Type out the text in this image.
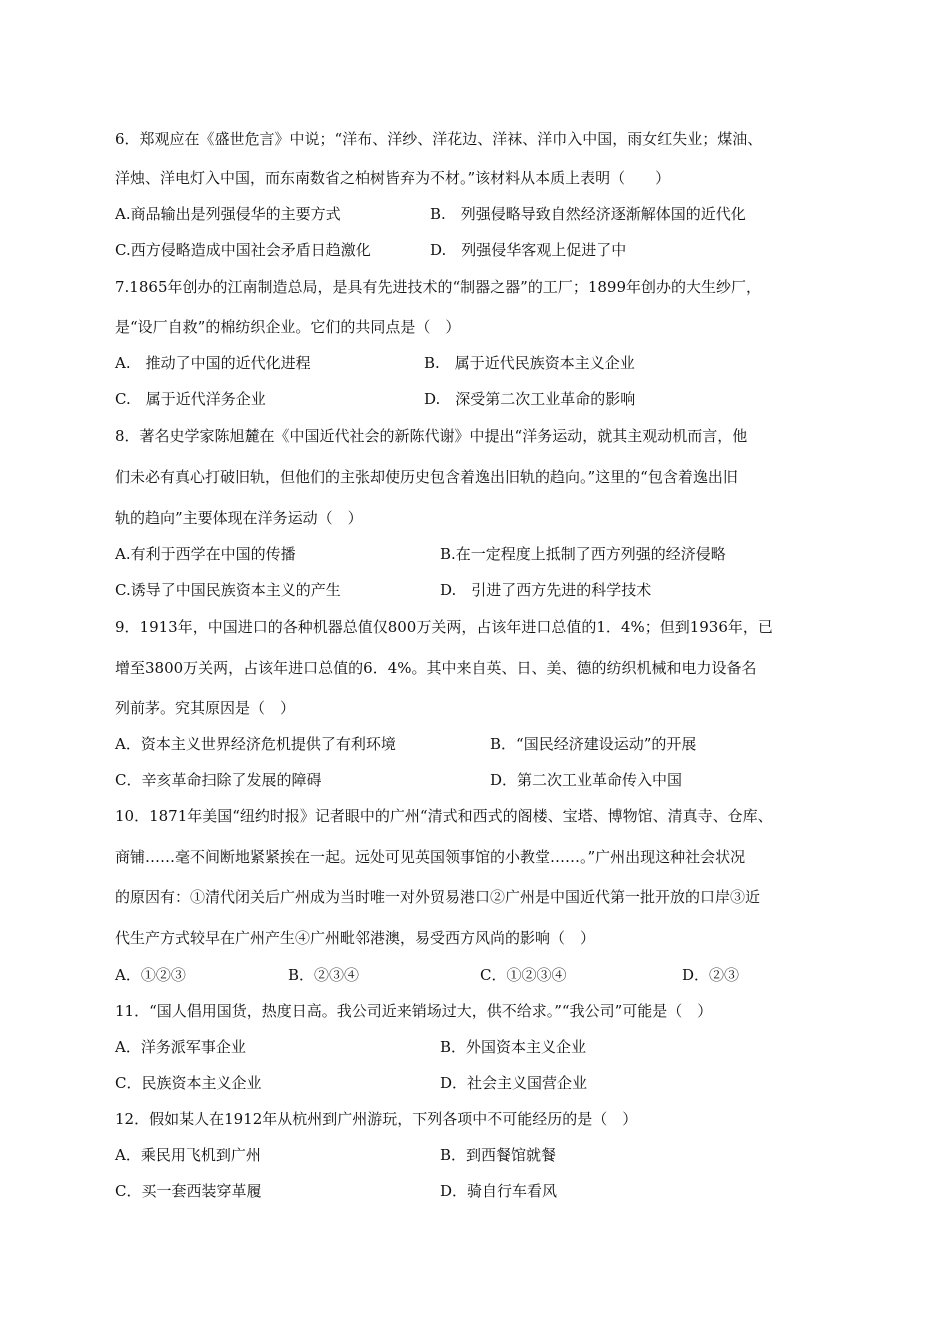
6．郑观应在《盛世危言》中说；“洋布、洋纱、洋花边、洋袜、洋巾入中国，雨女红失业；煤油、
洋烛、洋电灯入中国，而东南数省之柏树皆弃为不材。”该材料从本质上表明（　　）
A.商品输出是列强侵华的主要方式	B.　列强侵略导致自然经济逐渐解体国的近代化
C.西方侵略造成中国社会矛盾日趋激化	D.　列强侵华客观上促进了中
7.1865年创办的江南制造总局，是具有先进技术的“制器之器”的工厂；1899年创办的大生纱厂，
是“设厂自救”的棉纺织企业。它们的共同点是（　）
A.　推动了中国的近代化进程	B.　属于近代民族资本主义企业
C.　属于近代洋务企业	D.　深受第二次工业革命的影响
8．著名史学家陈旭麓在《中国近代社会的新陈代谢》中提出“洋务运动，就其主观动机而言，他
们未必有真心打破旧轨，但他们的主张却使历史包含着逸出旧轨的趋向。”这里的“包含着逸出旧
轨的趋向”主要体现在洋务运动（　）
A.有利于西学在中国的传播	B.在一定程度上抵制了西方列强的经济侵略
C.诱导了中国民族资本主义的产生	D.　引进了西方先进的科学技术
9．1913年，中国进口的各种机器总值仅800万关两，占该年进口总值的1．4%；但到1936年，已
增至3800万关两，占该年进口总值的6．4%。其中来自英、日、美、德的纺织机械和电力设备名
列前茅。究其原因是（　）
A．资本主义世界经济危机提供了有利环境	B．“国民经济建设运动”的开展
C．辛亥革命扫除了发展的障碍	D．第二次工业革命传入中国
10．1871年美国“纽约时报》记者眼中的广州“清式和西式的阁楼、宝塔、博物馆、清真寺、仓库、
商铺……毫不间断地紧紧挨在一起。远处可见英国领事馆的小教堂……。”广州出现这种社会状况
的原因有：①清代闭关后广州成为当时唯一对外贸易港口②广州是中国近代第一批开放的口岸③近
代生产方式较早在广州产生④广州毗邻港澳，易受西方风尚的影响（　）
A．①②③	B．②③④	C．①②③④	D．②③
11．“国人倡用国货，热度日高。我公司近来销场过大，供不给求。”“我公司”可能是（　）
A．洋务派军事企业	B．外国资本主义企业
C．民族资本主义企业	D．社会主义国营企业
12．假如某人在1912年从杭州到广州游玩，下列各项中不可能经历的是（　）
A．乘民用飞机到广州	B．到西餐馆就餐
C．买一套西装穿革履	D．骑自行车看风
